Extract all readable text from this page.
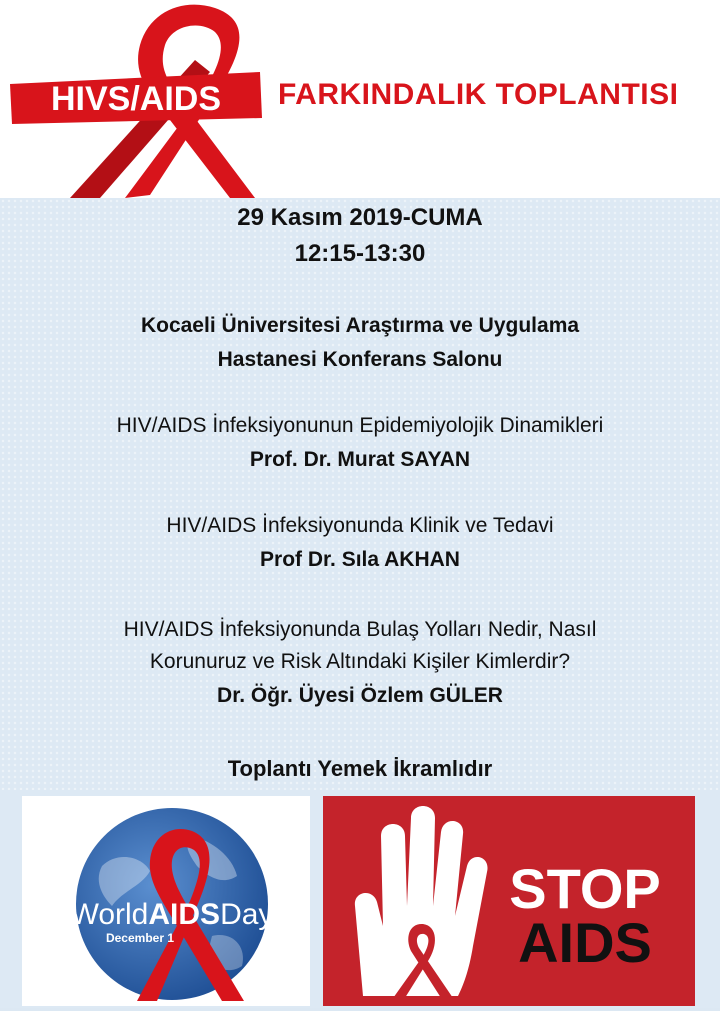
HIVS/AIDS FARKINDALIK TOPLANTISI
29 Kasım 2019-CUMA
12:15-13:30
Kocaeli Üniversitesi Araştırma ve Uygulama
Hastanesi Konferans Salonu
HIV/AIDS İnfeksiyonunun Epidemiyolojik Dinamikleri
Prof. Dr. Murat SAYAN
HIV/AIDS İnfeksiyonunda Klinik ve Tedavi
Prof Dr. Sıla AKHAN
HIV/AIDS İnfeksiyonunda Bulaş Yolları Nedir, Nasıl
Korunuruz ve Risk Altındaki Kişiler Kimlerdir?
Dr. Öğr. Üyesi Özlem GÜLER
Toplantı Yemek İkramlıdır
WorldAIDSDay
December 1
STOP
AIDS
